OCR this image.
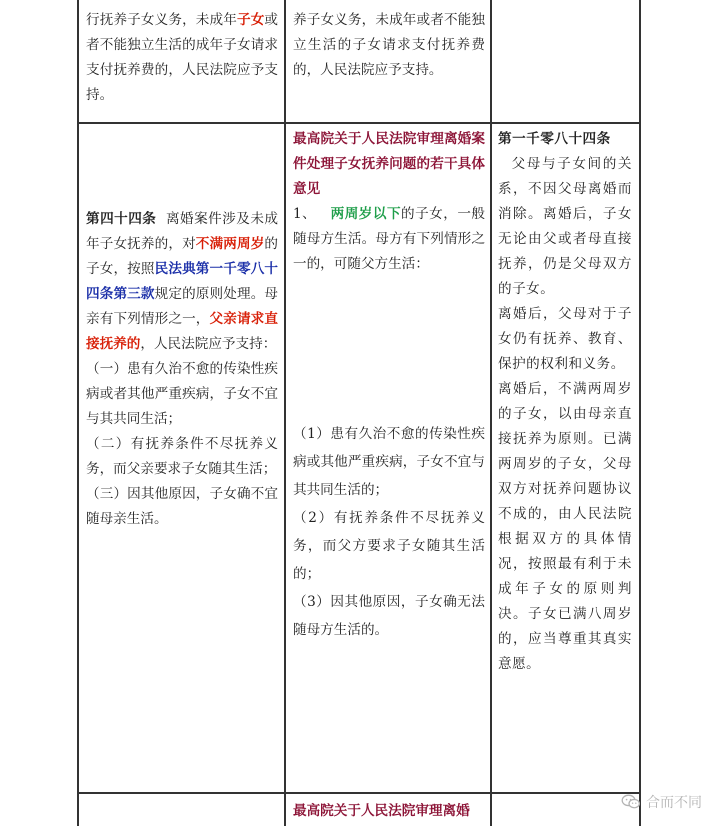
行抚养子女义务，未成年子女或者不能独立生活的成年子女请求支付抚养费的，人民法院应予支持。

养子女义务，未成年或者不能独立生活的子女请求支付抚养费的，人民法院应予支持。

第四十四条 离婚案件涉及未成年子女抚养的，对不满两周岁的子女，按照民法典第一千零八十四条第三款规定的原则处理。母亲有下列情形之一，父亲请求直接抚养的，人民法院应予支持：

（一）患有久治不愈的传染性疾病或者其他严重疾病，子女不宜与其共同生活；

（二）有抚养条件不尽抚养义务，而父亲要求子女随其生活；

（三）因其他原因，子女确不宜随母亲生活。

最高院关于人民法院审理离婚案件处理子女抚养问题的若干具体意见

1、 两周岁以下的子女，一般随母方生活。母方有下列情形之一的，可随父方生活：

（1）患有久治不愈的传染性疾病或其他严重疾病，子女不宜与其共同生活的；

（2）有抚养条件不尽抚养义务，而父方要求子女随其生活的；

（3）因其他原因，子女确无法随母方生活的。

第一千零八十四条

父母与子女间的关系，不因父母离婚而消除。离婚后，子女无论由父或者母直接抚养，仍是父母双方的子女。

离婚后，父母对于子女仍有抚养、教育、保护的权利和义务。

离婚后，不满两周岁的子女，以由母亲直接抚养为原则。已满两周岁的子女，父母双方对抚养问题协议不成的，由人民法院根据双方的具体情况，按照最有利于未成年子女的原则判决。子女已满八周岁的，应当尊重其真实意愿。

最高院关于人民法院审理离婚	合而不同
